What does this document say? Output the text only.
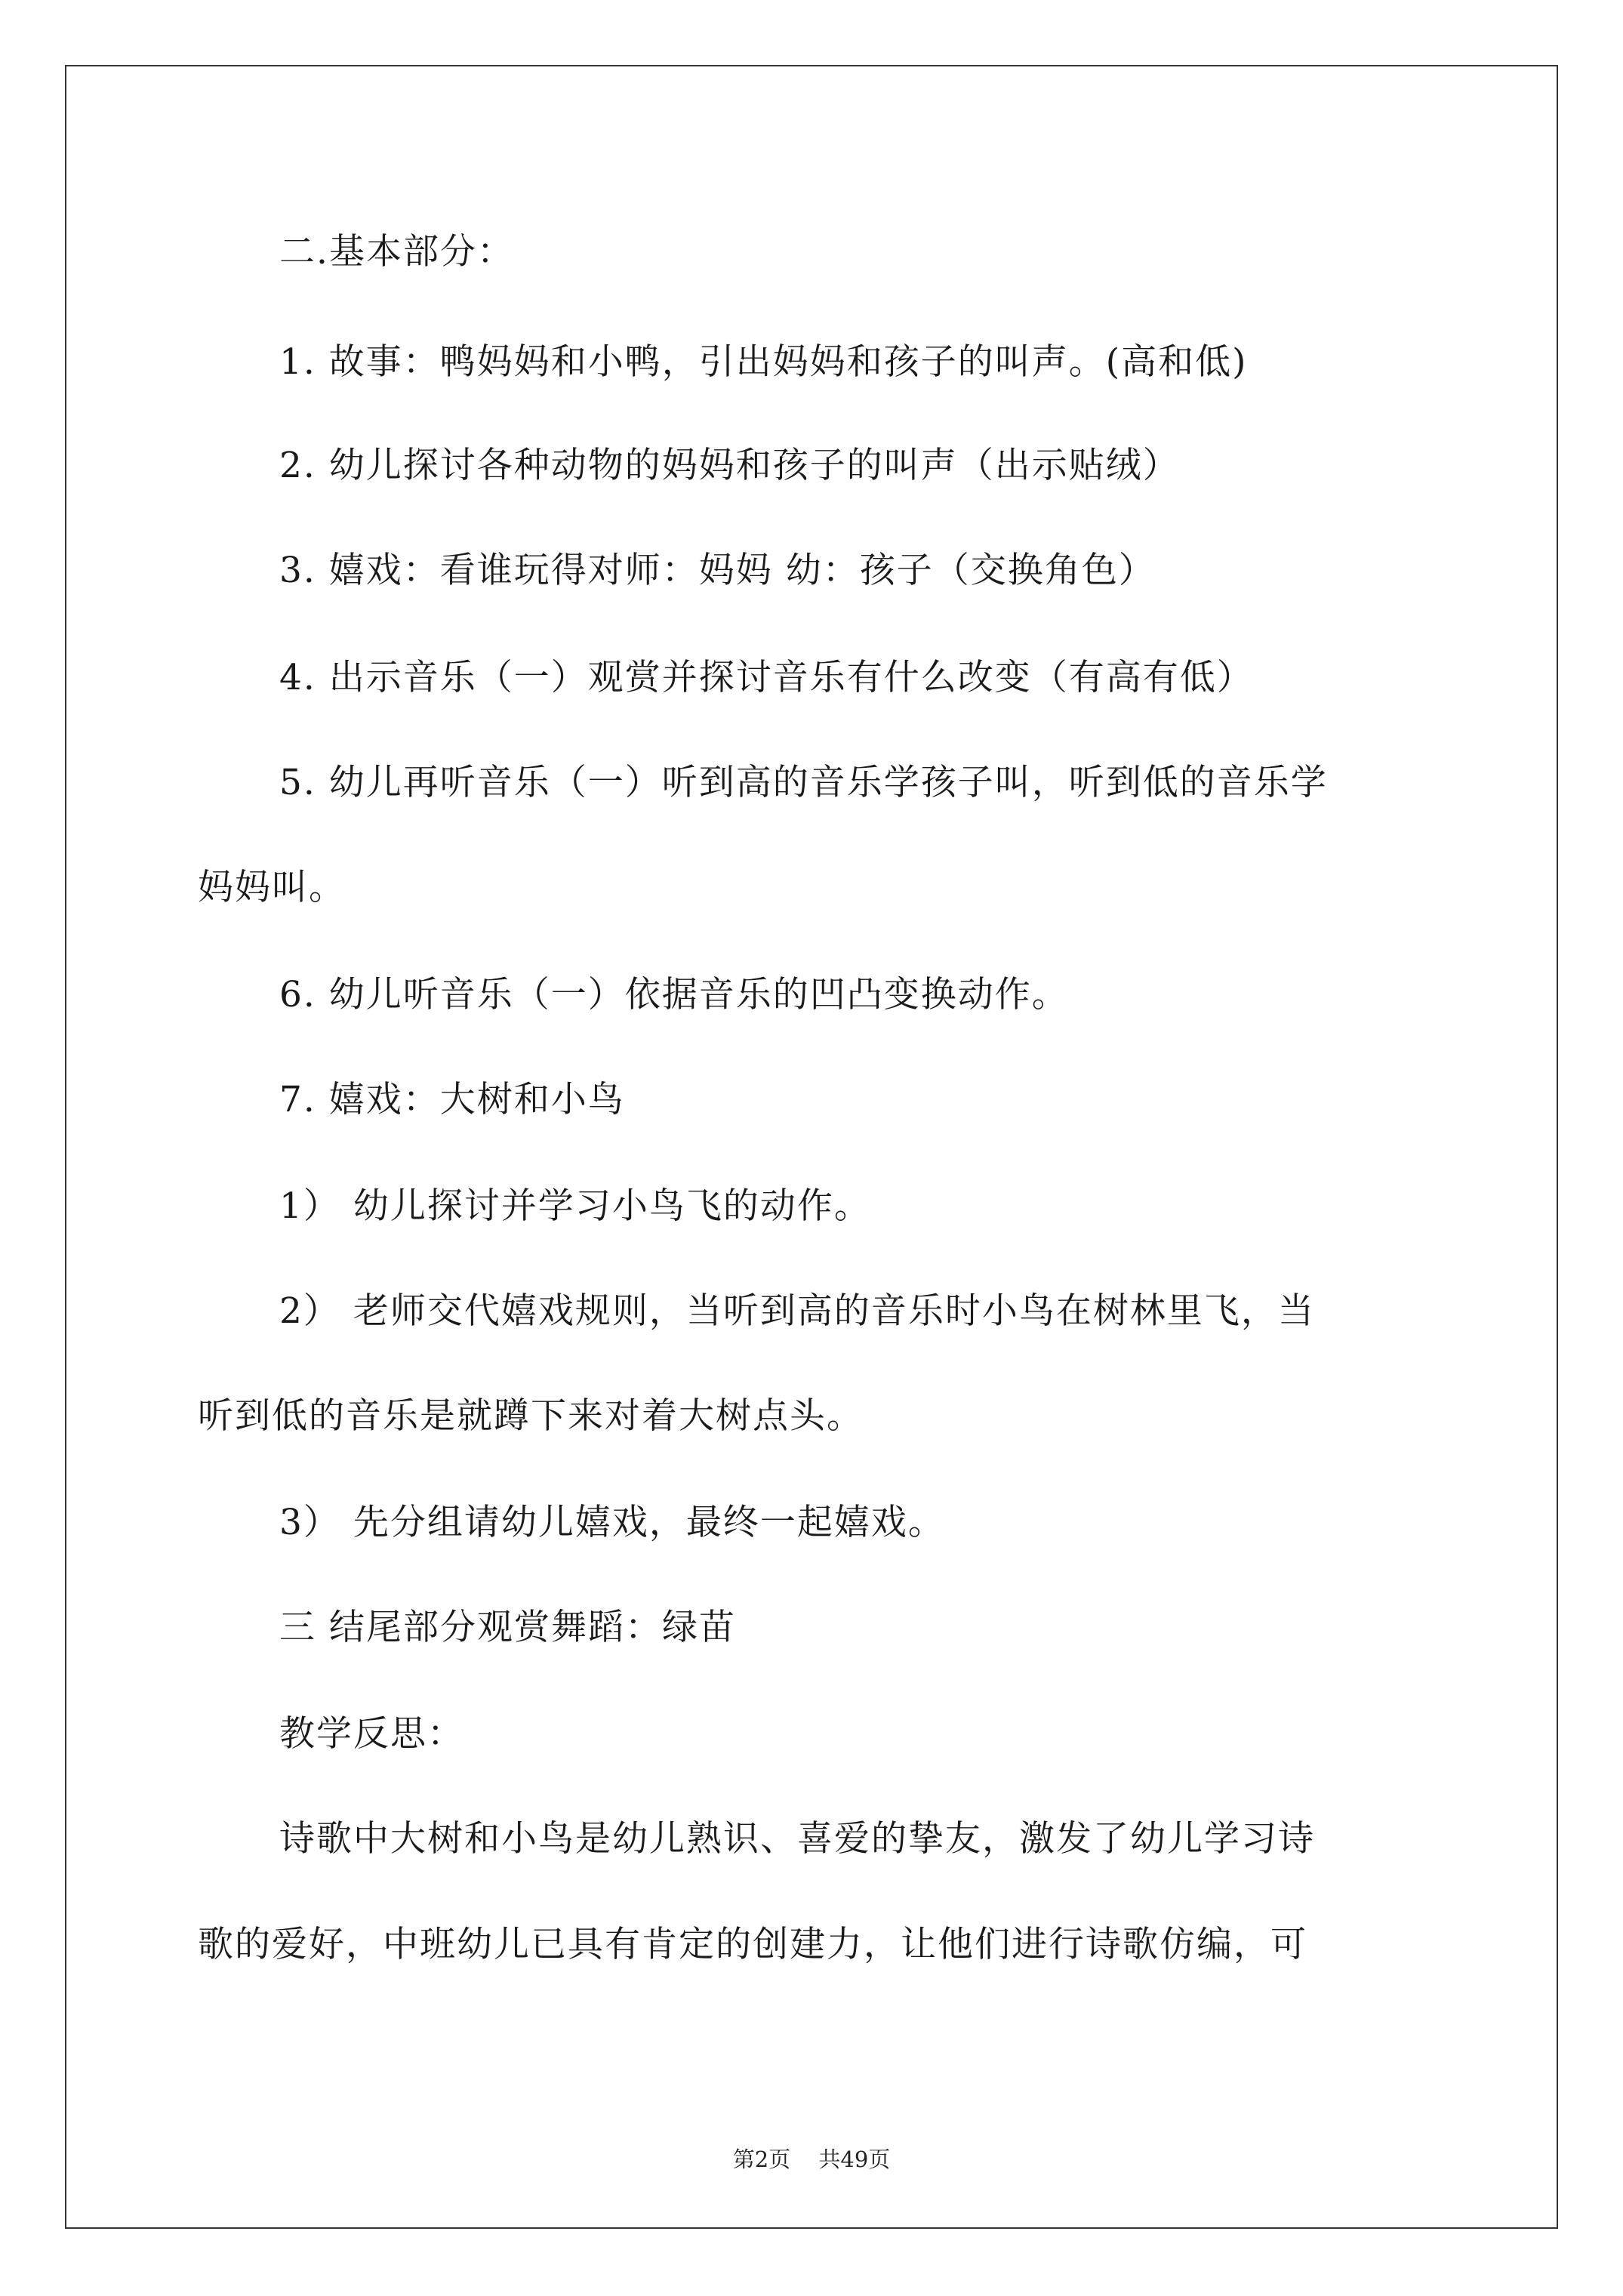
二.基本部分：
1. 故事：鸭妈妈和小鸭，引出妈妈和孩子的叫声。(高和低)
2. 幼儿探讨各种动物的妈妈和孩子的叫声（出示贴绒）
3. 嬉戏：看谁玩得对师：妈妈 幼：孩子（交换角色）
4. 出示音乐（一）观赏并探讨音乐有什么改变（有高有低）
5. 幼儿再听音乐（一）听到高的音乐学孩子叫，听到低的音乐学
妈妈叫。
6. 幼儿听音乐（一）依据音乐的凹凸变换动作。
7. 嬉戏：大树和小鸟
1） 幼儿探讨并学习小鸟飞的动作。
2） 老师交代嬉戏规则，当听到高的音乐时小鸟在树林里飞，当
听到低的音乐是就蹲下来对着大树点头。
3） 先分组请幼儿嬉戏，最终一起嬉戏。
三 结尾部分观赏舞蹈：绿苗
教学反思：
诗歌中大树和小鸟是幼儿熟识、喜爱的挚友，激发了幼儿学习诗
歌的爱好，中班幼儿已具有肯定的创建力，让他们进行诗歌仿编，可
第2页 共49页
